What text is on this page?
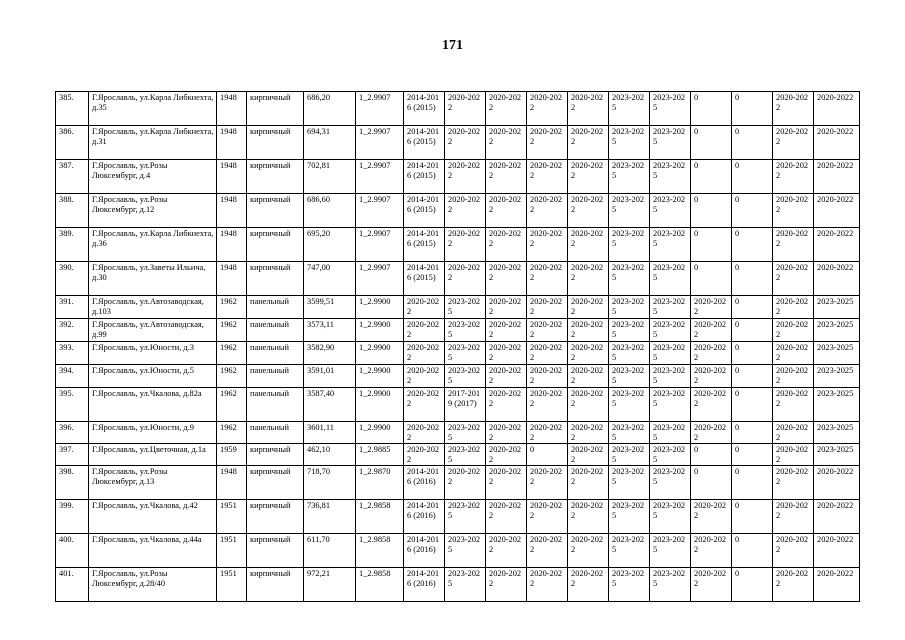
171
385.	Г.Ярославль, ул.Карла Либкнехта, д.35	1948	кирпичный	686,20	1_2.9907	2014-2016 (2015)	2020-2022	2020-2022	2020-2022	2020-2022	2023-2025	2023-2025	0	0	2020-2022	2020-2022
386.	Г.Ярославль, ул.Карла Либкнехта, д.31	1948	кирпичный	694,31	1_2.9907	2014-2016 (2015)	2020-2022	2020-2022	2020-2022	2020-2022	2023-2025	2023-2025	0	0	2020-2022	2020-2022
387.	Г.Ярославль, ул.Розы Люксембург, д.4	1948	кирпичный	702,81	1_2.9907	2014-2016 (2015)	2020-2022	2020-2022	2020-2022	2020-2022	2023-2025	2023-2025	0	0	2020-2022	2020-2022
388.	Г.Ярославль, ул.Розы Люксембург, д.12	1948	кирпичный	686,60	1_2.9907	2014-2016 (2015)	2020-2022	2020-2022	2020-2022	2020-2022	2023-2025	2023-2025	0	0	2020-2022	2020-2022
389.	Г.Ярославль, ул.Карла Либкнехта, д.36	1948	кирпичный	695,20	1_2.9907	2014-2016 (2015)	2020-2022	2020-2022	2020-2022	2020-2022	2023-2025	2023-2025	0	0	2020-2022	2020-2022
390.	Г.Ярославль, ул.Заветы Ильича, д.30	1948	кирпичный	747,00	1_2.9907	2014-2016 (2015)	2020-2022	2020-2022	2020-2022	2020-2022	2023-2025	2023-2025	0	0	2020-2022	2020-2022
391.	Г.Ярославль, ул.Автозаводская, д.103	1962	панельный	3599,51	1_2.9900	2020-2022	2023-2025	2020-2022	2020-2022	2020-2022	2023-2025	2023-2025	2020-2022	0	2020-2022	2023-2025
392.	Г.Ярославль, ул.Автозаводская, д.99	1962	панельный	3573,11	1_2.9900	2020-2022	2023-2025	2020-2022	2020-2022	2020-2022	2023-2025	2023-2025	2020-2022	0	2020-2022	2023-2025
393.	Г.Ярославль, ул.Юности, д.3	1962	панельный	3582,90	1_2.9900	2020-2022	2023-2025	2020-2022	2020-2022	2020-2022	2023-2025	2023-2025	2020-2022	0	2020-2022	2023-2025
394.	Г.Ярославль, ул.Юности, д.5	1962	панельный	3591,01	1_2.9900	2020-2022	2023-2025	2020-2022	2020-2022	2020-2022	2023-2025	2023-2025	2020-2022	0	2020-2022	2023-2025
395.	Г.Ярославль, ул.Чкалова, д.82а	1962	панельный	3587,40	1_2.9900	2020-2022	2017-2019 (2017)	2020-2022	2020-2022	2020-2022	2023-2025	2023-2025	2020-2022	0	2020-2022	2023-2025
396.	Г.Ярославль, ул.Юности, д.9	1962	панельный	3601,11	1_2.9900	2020-2022	2023-2025	2020-2022	2020-2022	2020-2022	2023-2025	2023-2025	2020-2022	0	2020-2022	2023-2025
397.	Г.Ярославль, ул.Цветочная, д.1а	1959	кирпичный	462,10	1_2.9885	2020-2022	2023-2025	2020-2022	0	2020-2022	2023-2025	2023-2025	0	0	2020-2022	2023-2025
398.	Г.Ярославль, ул.Розы Люксембург, д.13	1948	кирпичный	718,70	1_2.9870	2014-2016 (2016)	2020-2022	2020-2022	2020-2022	2020-2022	2023-2025	2023-2025	0	0	2020-2022	2020-2022
399.	Г.Ярославль, ул.Чкалова, д.42	1951	кирпичный	736,81	1_2.9858	2014-2016 (2016)	2023-2025	2020-2022	2020-2022	2020-2022	2023-2025	2023-2025	2020-2022	0	2020-2022	2020-2022
400.	Г.Ярославль, ул.Чкалова, д.44а	1951	кирпичный	611,70	1_2.9858	2014-2016 (2016)	2023-2025	2020-2022	2020-2022	2020-2022	2023-2025	2023-2025	2020-2022	0	2020-2022	2020-2022
401.	Г.Ярославль, ул.Розы Люксембург, д.28/40	1951	кирпичный	972,21	1_2.9858	2014-2016 (2016)	2023-2025	2020-2022	2020-2022	2020-2022	2023-2025	2023-2025	2020-2022	0	2020-2022	2020-2022
